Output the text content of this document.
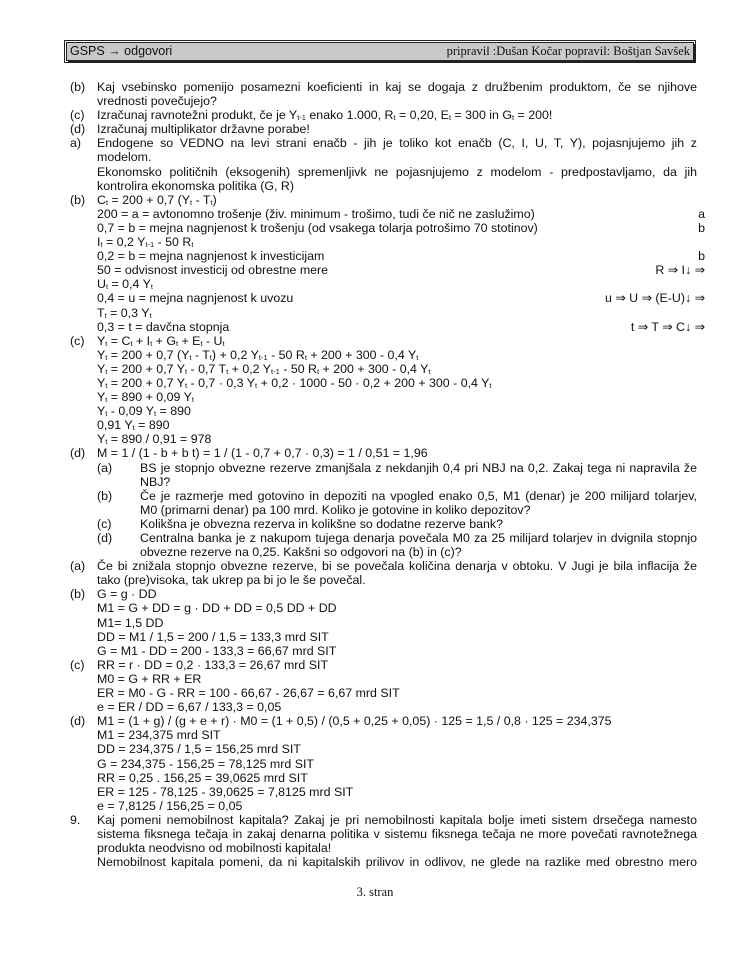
GSPS → odgovori	pripravil :Dušan Kočar popravil: Boštjan Savšek
(b) Kaj vsebinsko pomenijo posamezni koeficienti in kaj se dogaja z družbenim produktom, če se njihove
vrednosti povečujejo?
(c) Izračunaj ravnotežni produkt, če je $Y_{t-1}$ enako 1.000, $R_t = 0,20$, $E_t = 300$ in $G_t = 200$!
(d) Izračunaj multiplikator državne porabe!
a) Endogene so VEDNO na levi strani enačb - jih je toliko kot enačb (C, I, U, T, Y), pojasnjujemo jih z
modelom.
Ekonomsko političnih (eksogenih) spremenljivk ne pojasnjujemo z modelom - predpostavljamo, da jih
kontrolira ekonomska politika (G, R)
(b) $C_t = 200 + 0,7$ $(Y_t - T_t)$
200 = a = avtonomno trošenje (živ. minimum - trošimo, tudi če nič ne zaslužimo)	a
0,7 = b = mejna nagnjenost k trošenju (od vsakega tolarja potrošimo 70 stotinov)	b
$I_t = 0,2$ $Y_{t-1} - 50$ $R_t$
0,2 = b = mejna nagnjenost k investicijam	b
50 = odvisnost investicij od obrestne mere	R ⇒ I↓ ⇒
$U_t = 0,4$ $Y_t$
0,4 = u = mejna nagnjenost k uvozu	u ⇒ U ⇒ (E-U)↓ ⇒
$T_t = 0,3$ $Y_t$
0,3 = t = davčna stopnja	t ⇒ T ⇒ C↓ ⇒
(c) $Y_t = C_t + I_t + G_t + E_t - U_t$
$Y_t = 200 + 0,7$ $(Y_t - T_t) + 0,2$ $Y_{t-1} - 50$ $R_t + 200 + 300 - 0,4$ $Y_t$
$Y_t = 200 + 0,7$ $Y_t - 0,7$ $T_t + 0,2$ $Y_{t-1} - 50$ $R_t + 200 + 300 - 0,4$ $Y_t$
$Y_t = 200 + 0,7$ $Y_t - 0,7 \cdot 0,3$ $Y_t + 0,2 \cdot 1000 - 50 \cdot 0,2 + 200 + 300 - 0,4$ $Y_t$
$Y_t = 890 + 0,09$ $Y_t$
$Y_t - 0,09$ $Y_t = 890$
0,91 $Y_t = 890$
$Y_t = 890 / 0,91 = 978$
(d) M = 1 / (1 - b + b t) = 1 / (1 - 0,7 + 0,7 · 0,3) = 1 / 0,51 = 1,96
(a) BS je stopnjo obvezne rezerve zmanjšala z nekdanjih 0,4 pri NBJ na 0,2. Zakaj tega ni napravila že
NBJ?
(b) Če je razmerje med gotovino in depoziti na vpogled enako 0,5, M1 (denar) je 200 milijard tolarjev,
M0 (primarni denar) pa 100 mrd. Koliko je gotovine in koliko depozitov?
(c) Kolikšna je obvezna rezerva in kolikšne so dodatne rezerve bank?
(d) Centralna banka je z nakupom tujega denarja povečala M0 za 25 milijard tolarjev in dvignila stopnjo
obvezne rezerve na 0,25. Kakšni so odgovori na (b) in (c)?
(a) Če bi znižala stopnjo obvezne rezerve, bi se povečala količina denarja v obtoku. V Jugi je bila inflacija že
tako (pre)visoka, tak ukrep pa bi jo le še povečal.
(b) G = g · DD
M1 = G + DD = g · DD + DD = 0,5 DD + DD
M1= 1,5 DD
DD = M1 / 1,5 = 200 / 1,5 = 133,3 mrd SIT
G = M1 - DD = 200 - 133,3 = 66,67 mrd SIT
(c) RR = r · DD = 0,2 · 133,3 = 26,67 mrd SIT
M0 = G + RR + ER
ER = M0 - G - RR = 100 - 66,67 - 26,67 = 6,67 mrd SIT
e = ER / DD = 6,67 / 133,3 = 0,05
(d) M1 = (1 + g) / (g + e + r) · M0 = (1 + 0,5) / (0,5 + 0,25 + 0,05) · 125 = 1,5 / 0,8 · 125 = 234,375
M1 = 234,375 mrd SIT
DD = 234,375 / 1,5 = 156,25 mrd SIT
G = 234,375 - 156,25 = 78,125 mrd SIT
RR = 0,25 . 156,25 = 39,0625 mrd SIT
ER = 125 - 78,125 - 39,0625 = 7,8125 mrd SIT
e = 7,8125 / 156,25 = 0,05
9. Kaj pomeni nemobilnost kapitala? Zakaj je pri nemobilnosti kapitala bolje imeti sistem drsečega namesto
sistema fiksnega tečaja in zakaj denarna politika v sistemu fiksnega tečaja ne more povečati ravnotežnega
produkta neodvisno od mobilnosti kapitala!
Nemobilnost kapitala pomeni, da ni kapitalskih prilivov in odlivov, ne glede na razlike med obrestno mero
3. stran
